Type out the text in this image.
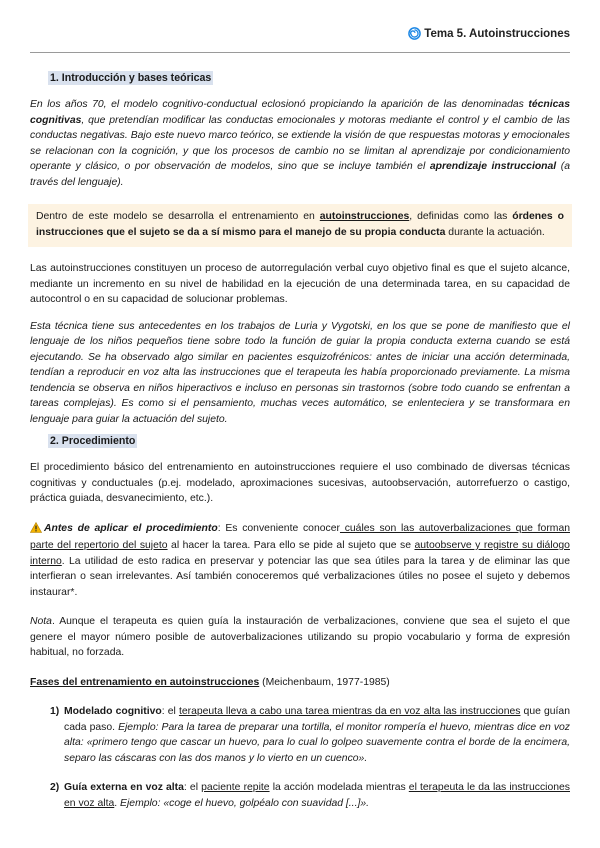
Tema 5. Autoinstrucciones
1. Introducción y bases teóricas

En los años 70, el modelo cognitivo-conductual eclosionó propiciando la aparición de las denominadas técnicas cognitivas, que pretendían modificar las conductas emocionales y motoras mediante el control y el cambio de las conductas negativas. Bajo este nuevo marco teórico, se extiende la visión de que respuestas motoras y emocionales se relacionan con la cognición, y que los procesos de cambio no se limitan al aprendizaje por condicionamiento operante y clásico, o por observación de modelos, sino que se incluye también el aprendizaje instruccional (a través del lenguaje).

Dentro de este modelo se desarrolla el entrenamiento en autoinstrucciones, definidas como las órdenes o instrucciones que el sujeto se da a sí mismo para el manejo de su propia conducta durante la actuación.

Las autoinstrucciones constituyen un proceso de autorregulación verbal cuyo objetivo final es que el sujeto alcance, mediante un incremento en su nivel de habilidad en la ejecución de una determinada tarea, en su capacidad de autocontrol o en su capacidad de solucionar problemas.

Esta técnica tiene sus antecedentes en los trabajos de Luria y Vygotski, en los que se pone de manifiesto que el lenguaje de los niños pequeños tiene sobre todo la función de guiar la propia conducta externa cuando se está ejecutando. Se ha observado algo similar en pacientes esquizofrénicos: antes de iniciar una acción determinada, tendían a reproducir en voz alta las instrucciones que el terapeuta les había proporcionado previamente. La misma tendencia se observa en niños hiperactivos e incluso en personas sin trastornos (sobre todo cuando se enfrentan a tareas complejas). Es como si el pensamiento, muchas veces automático, se enlenteciera y se transformara en lenguaje para guiar la actuación del sujeto.

2. Procedimiento

El procedimiento básico del entrenamiento en autoinstrucciones requiere el uso combinado de diversas técnicas cognitivas y conductuales (p.ej. modelado, aproximaciones sucesivas, autoobservación, autorrefuerzo o castigo, práctica guiada, desvanecimiento, etc.).

Antes de aplicar el procedimiento: Es conveniente conocer cuáles son las autoverbalizaciones que forman parte del repertorio del sujeto al hacer la tarea. Para ello se pide al sujeto que se autoobserve y registre su diálogo interno. La utilidad de esto radica en preservar y potenciar las que sea útiles para la tarea y de eliminar las que interfieran o sean irrelevantes. Así también conoceremos qué verbalizaciones útiles no posee el sujeto y debemos instaurar*.

Nota. Aunque el terapeuta es quien guía la instauración de verbalizaciones, conviene que sea el sujeto el que genere el mayor número posible de autoverbalizaciones utilizando su propio vocabulario y forma de expresión habitual, no forzada.

Fases del entrenamiento en autoinstrucciones (Meichenbaum, 1977-1985)

1) Modelado cognitivo: el terapeuta lleva a cabo una tarea mientras da en voz alta las instrucciones que guían cada paso. Ejemplo: Para la tarea de preparar una tortilla, el monitor rompería el huevo, mientras dice en voz alta: «primero tengo que cascar un huevo, para lo cual lo golpeo suavemente contra el borde de la encimera, separo las cáscaras con las dos manos y lo vierto en un cuenco».
2) Guía externa en voz alta: el paciente repite la acción modelada mientras el terapeuta le da las instrucciones en voz alta. Ejemplo: «coge el huevo, golpéalo con suavidad [...]».
